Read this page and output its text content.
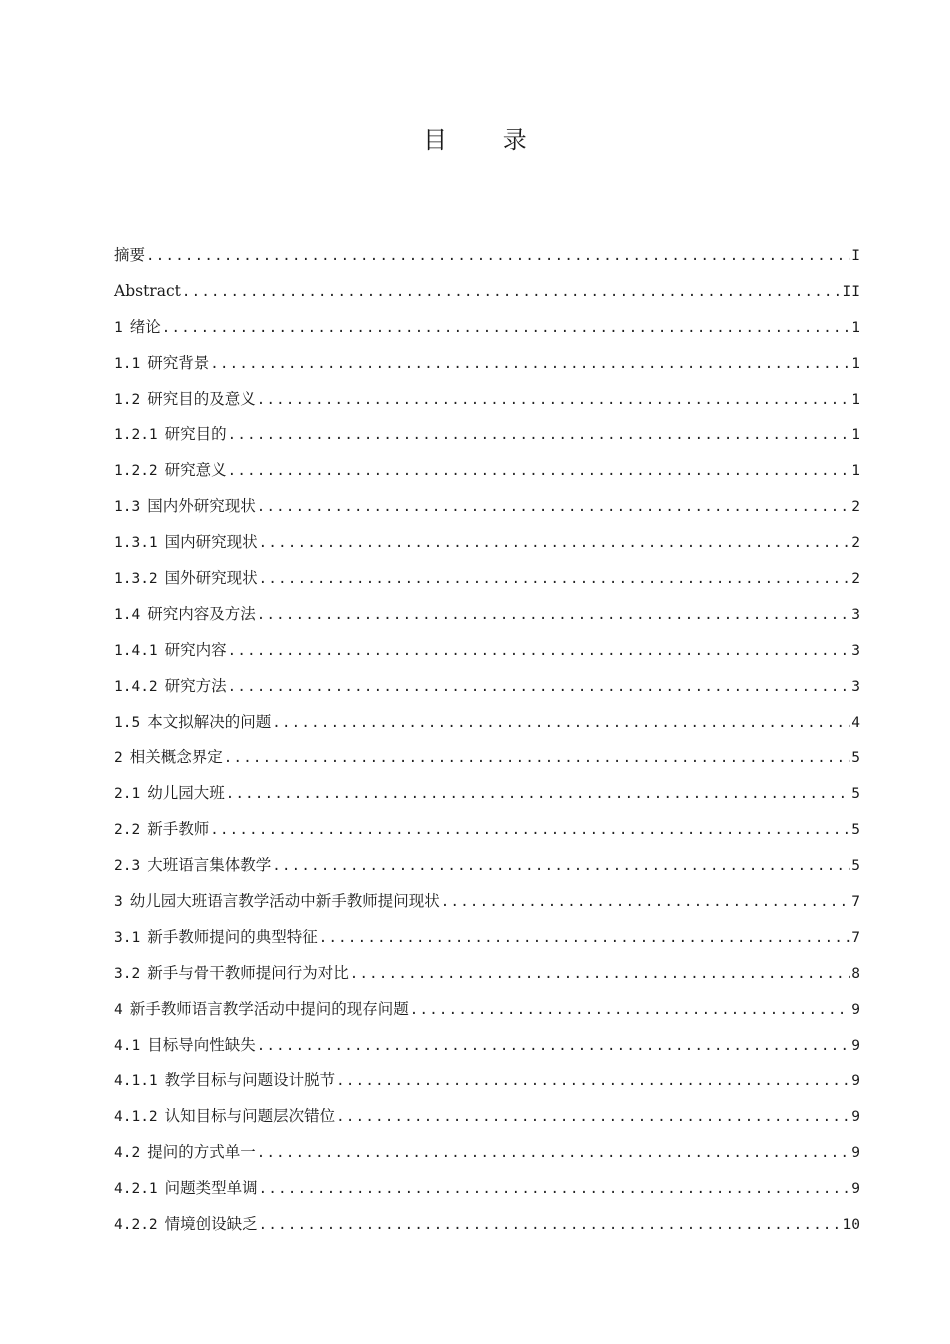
目 录
摘要 .....	I
Abstract .....	II
1 绪论 .....	1
1.1 研究背景 .....	1
1.2 研究目的及意义 .....	1
1.2.1 研究目的 .....	1
1.2.2 研究意义 .....	1
1.3 国内外研究现状 .....	2
1.3.1 国内研究现状 .....	2
1.3.2 国外研究现状 .....	2
1.4 研究内容及方法 .....	3
1.4.1 研究内容 .....	3
1.4.2 研究方法 .....	3
1.5 本文拟解决的问题 .....	4
2 相关概念界定 .....	5
2.1 幼儿园大班 .....	5
2.2 新手教师 .....	5
2.3 大班语言集体教学 .....	5
3 幼儿园大班语言教学活动中新手教师提问现状 .....	7
3.1 新手教师提问的典型特征 .....	7
3.2 新手与骨干教师提问行为对比 .....	8
4 新手教师语言教学活动中提问的现存问题 .....	9
4.1 目标导向性缺失 .....	9
4.1.1 教学目标与问题设计脱节 .....	9
4.1.2 认知目标与问题层次错位 .....	9
4.2 提问的方式单一 .....	9
4.2.1 问题类型单调 .....	9
4.2.2 情境创设缺乏 .....	10
